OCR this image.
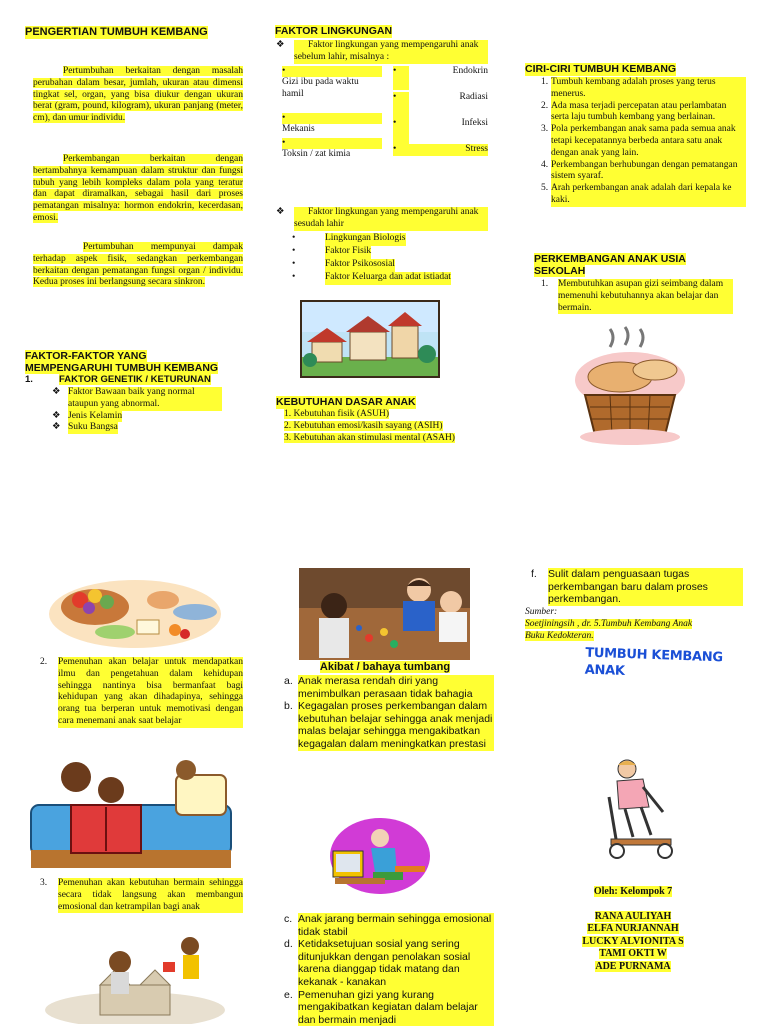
PENGERTIAN TUMBUH KEMBANG
Pertumbuhan berkaitan dengan masalah perubahan dalam besar, jumlah, ukuran atau dimensi tingkat sel, organ, yang bisa diukur dengan ukuran berat (gram, pound, kilogram), ukuran panjang (meter, cm), dan umur individu.
Perkembangan berkaitan dengan bertambahnya kemampuan dalam struktur dan fungsi tubuh yang lebih kompleks dalam pola yang teratur dan dapat diramalkan, sebagai hasil dari proses pematangan misalnya: hormon endokrin, kecerdasan, emosi.
Pertumbuhan mempunyai dampak terhadap aspek fisik, sedangkan perkembangan berkaitan dengan pematangan fungsi organ / individu. Kedua proses ini berlangsung secara sinkron.
FAKTOR-FAKTOR YANG
MEMPENGARUHI TUMBUH KEMBANG
1.	FAKTOR GENETIK / KETURUNAN
❖ Faktor Bawaan baik yang normal ataupun yang abnormal.
❖ Jenis Kelamin
❖ Suku Bangsa
2.	Pemenuhan akan belajar untuk mendapatkan ilmu dan pengetahuan dalam kehidupan sehingga nantinya bisa bermanfaat bagi kehidupan yang akan dihadapinya, sehingga orang tua berperan untuk memotivasi dengan cara menemani anak saat belajar
3.	Pemenuhan akan kebutuhan bermain sehingga secara tidak langsung akan membangun emosional dan ketrampilan bagi anak
FAKTOR LINGKUNGAN
❖	Faktor lingkungan yang mempengaruhi anak sebelum lahir, misalnya :
•
Gizi ibu pada waktu hamil
•
Mekanis
•
Toksin / zat kimia
•	Endokrin
•	Radiasi
•	Infeksi
•	Stress
❖	Faktor lingkungan yang mempengaruhi anak sesudah lahir
•	Lingkungan Biologis
•	Faktor Fisik
•	Faktor Psikososial
•	Faktor Keluarga dan adat istiadat
KEBUTUHAN DASAR ANAK
1. Kebutuhan fisik (ASUH)
2. Kebutuhan emosi/kasih sayang (ASIH)
3. Kebutuhan akan stimulasi mental (ASAH)
Akibat / bahaya tumbang
a. Anak merasa rendah diri yang menimbulkan perasaan tidak bahagia
b. Kegagalan proses perkembangan dalam kebutuhan belajar sehingga anak menjadi malas belajar sehingga mengakibatkan kegagalan dalam meningkatkan prestasi
c. Anak jarang bermain sehingga emosional tidak stabil
d. Ketidaksetujuan sosial yang sering ditunjukkan dengan penolakan sosial karena dianggap tidak matang dan kekanak - kanakan
e. Pemenuhan gizi yang kurang mengakibatkan kegiatan dalam belajar dan bermain menjadi
CIRI-CIRI TUMBUH KEMBANG
1. Tumbuh kembang adalah proses yang terus menerus.
2. Ada masa terjadi percepatan atau perlambatan serta laju tumbuh kembang yang berlainan.
3. Pola perkembangan anak sama pada semua anak tetapi kecepatannya berbeda antara satu anak dengan anak yang lain.
4. Perkembangan berhubungan dengan pematangan sistem syaraf.
5. Arah perkembangan anak adalah dari kepala ke kaki.
PERKEMBANGAN ANAK USIA
SEKOLAH
1.	Membutuhkan asupan gizi seimbang dalam memenuhi kebutuhannya akan belajar dan bermain.
f.	Sulit dalam penguasaan tugas perkembangan baru dalam proses perkembangan.
Sumber:
Soetjiningsih , dr. 5.Tumbuh Kembang Anak
Buku Kedokteran.
TUMBUH KEMBANG
ANAK
Oleh: Kelompok 7
RANA AULIYAH
ELFA NURJANNAH
LUCKY ALVIONITA S
TAMI OKTI W
ADE PURNAMA
